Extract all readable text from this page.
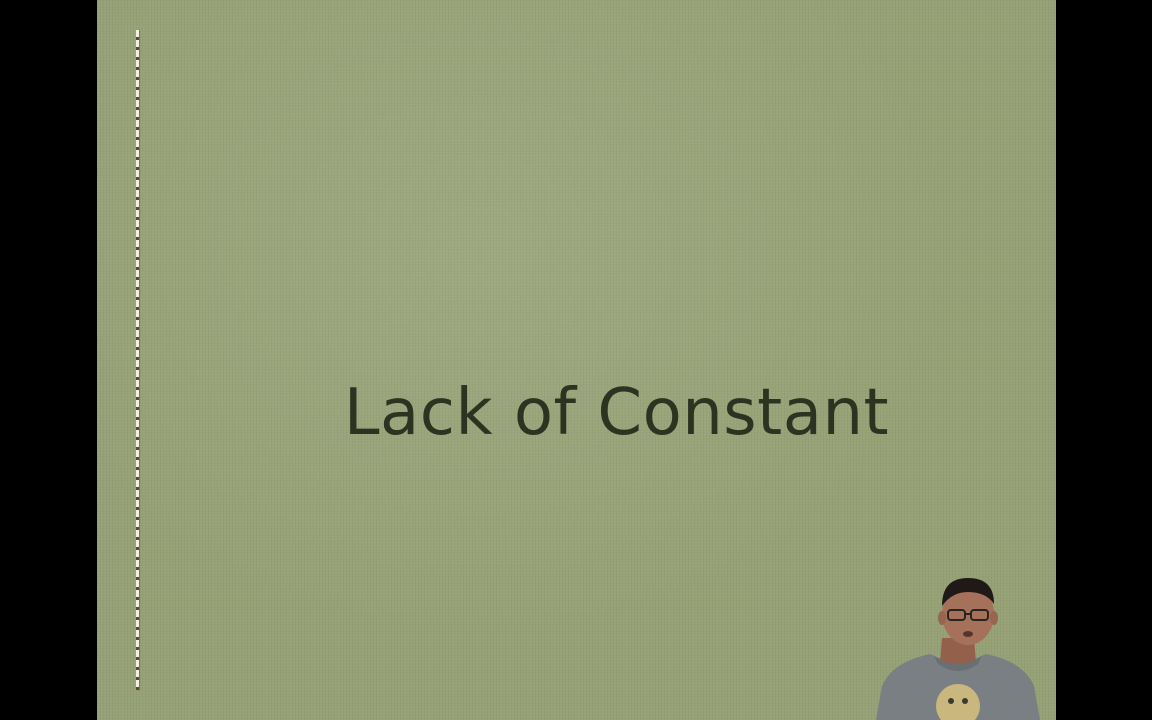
Lack of Constant
